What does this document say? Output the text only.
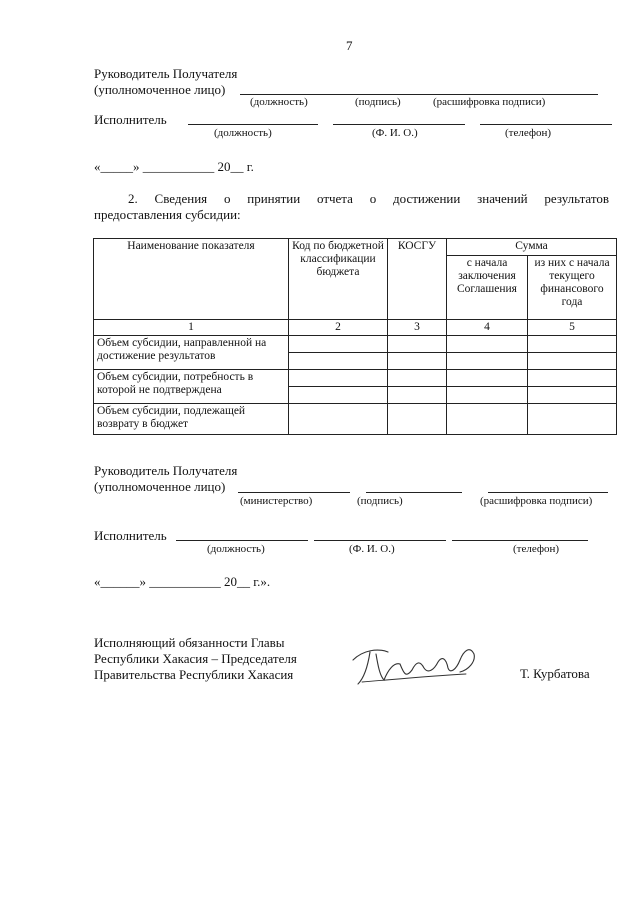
7
Руководитель Получателя
(уполномоченное лицо)
(должность)	(подпись)	(расшифровка подписи)
Исполнитель
(должность)	(Ф. И. О.)	(телефон)
«_____» ___________ 20__ г.
2. Сведения о принятии отчета о достижении значений результатов
предоставления субсидии:
Наименование показателя	Код по бюджетной классификации бюджета	КОСГУ	Сумма	
			с начала заключения Соглашения	из них с начала текущего финансового года
1	2	3	4	5
Объем субсидии, направленной на достижение результатов				

Объем субсидии, потребность в которой не подтверждена				

Объем субсидии, подлежащей возврату в бюджет				
Руководитель Получателя
(уполномоченное лицо)
(министерство)	(подпись)	(расшифровка подписи)
Исполнитель
(должность)	(Ф. И. О.)	(телефон)
«______» ___________ 20__ г.».
Исполняющий обязанности Главы
Республики Хакасия – Председателя
Правительства Республики Хакасия	Т. Курбатова
